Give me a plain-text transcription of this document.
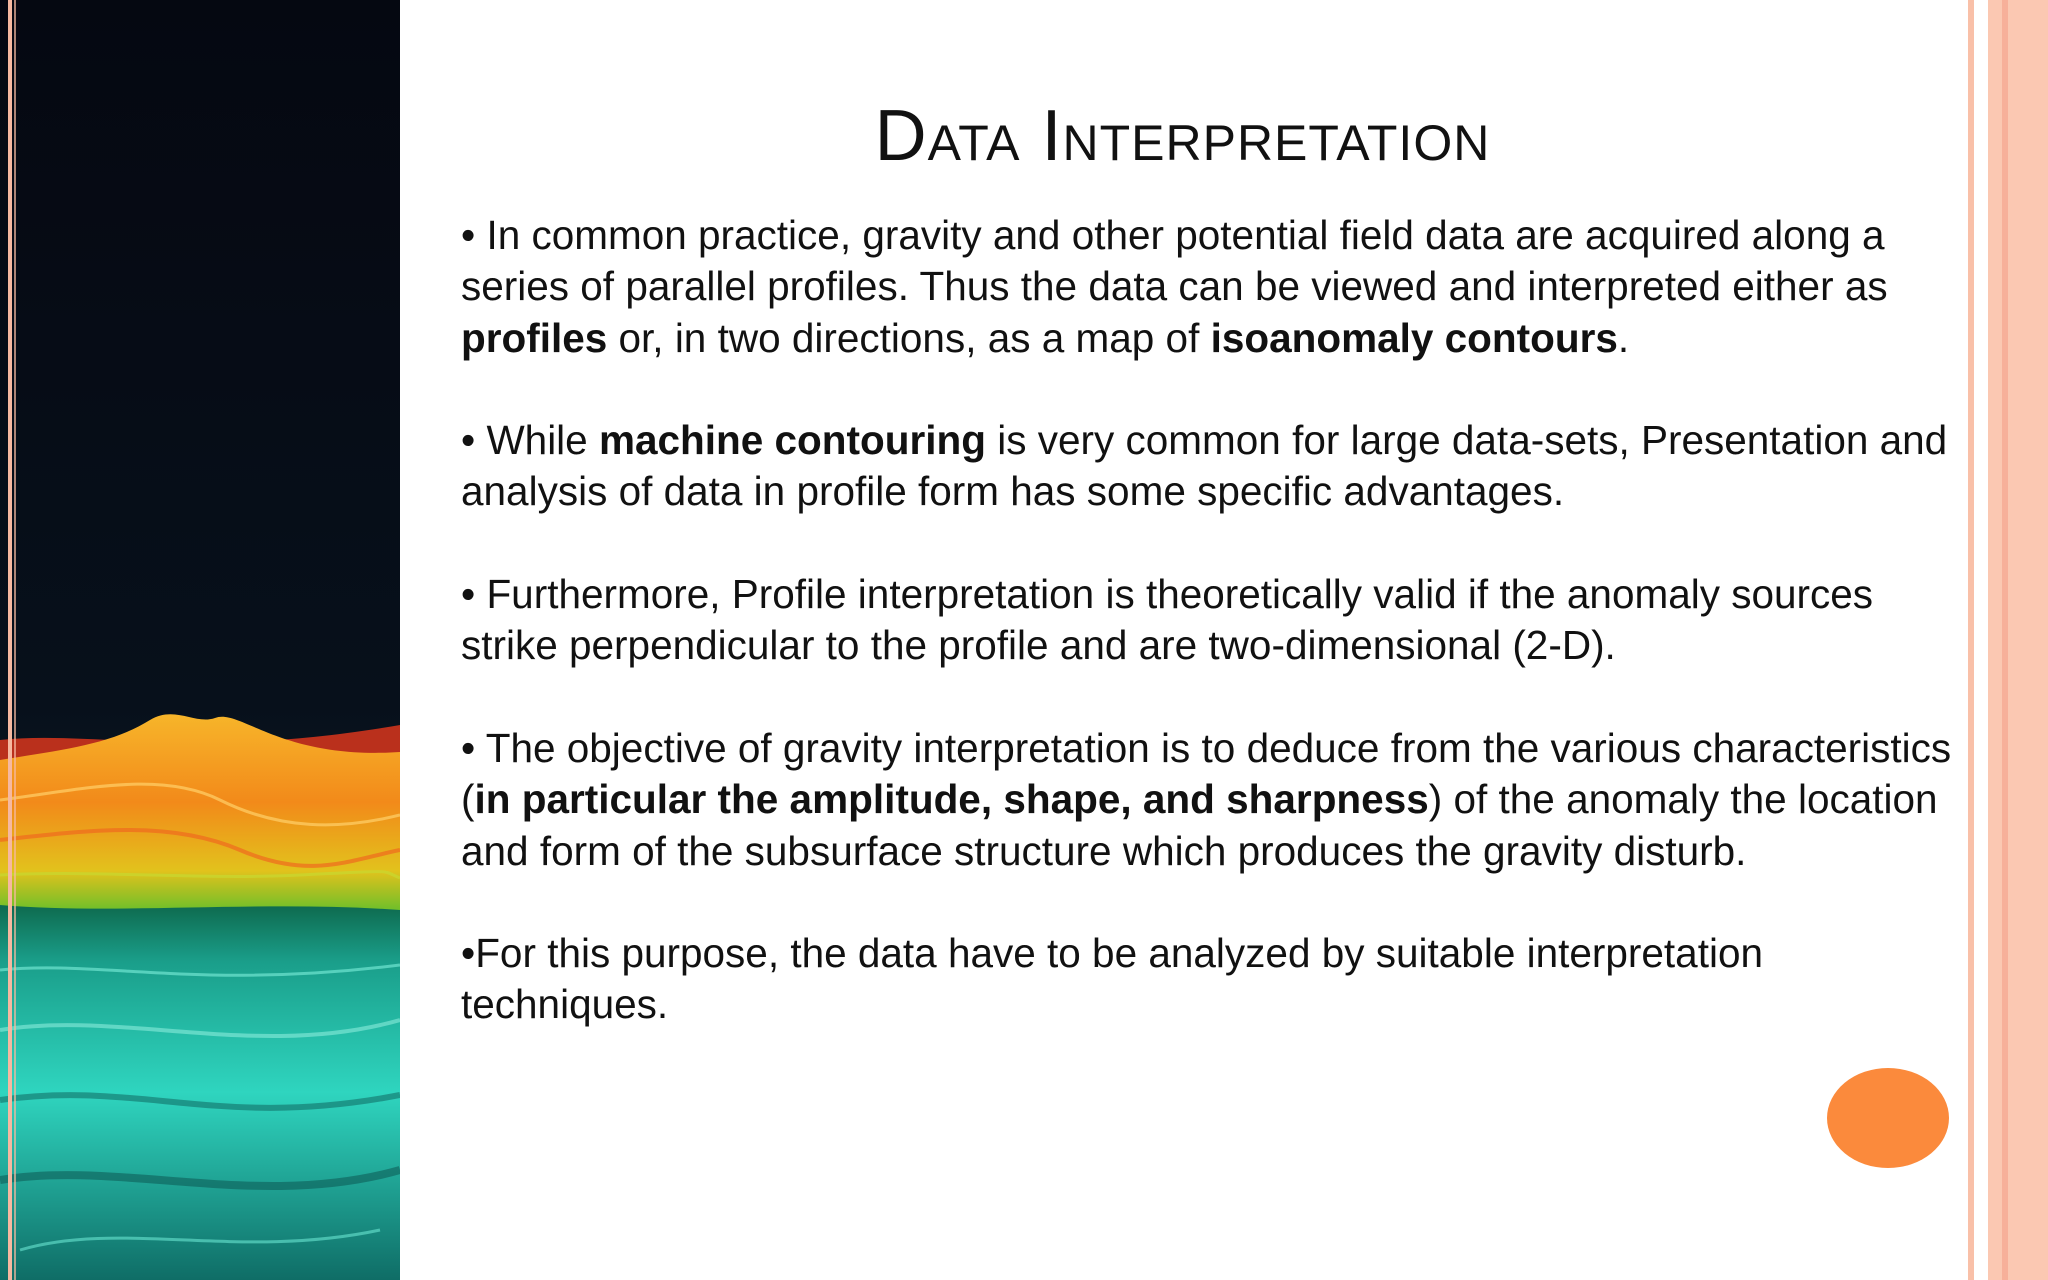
Data Interpretation

• In common practice, gravity and other potential field data are acquired along a series of parallel profiles. Thus the data can be viewed and interpreted either as profiles or, in two directions, as a map of isoanomaly contours.

• While machine contouring is very common for large data-sets, Presentation and analysis of data in profile form has some specific advantages.

• Furthermore, Profile interpretation is theoretically valid if the anomaly sources strike perpendicular to the profile and are two-dimensional (2-D).

• The objective of gravity interpretation is to deduce from the various characteristics (in particular the amplitude, shape, and sharpness) of the anomaly the location and form of the subsurface structure which produces the gravity disturb.

•For this purpose, the data have to be analyzed by suitable interpretation techniques.
